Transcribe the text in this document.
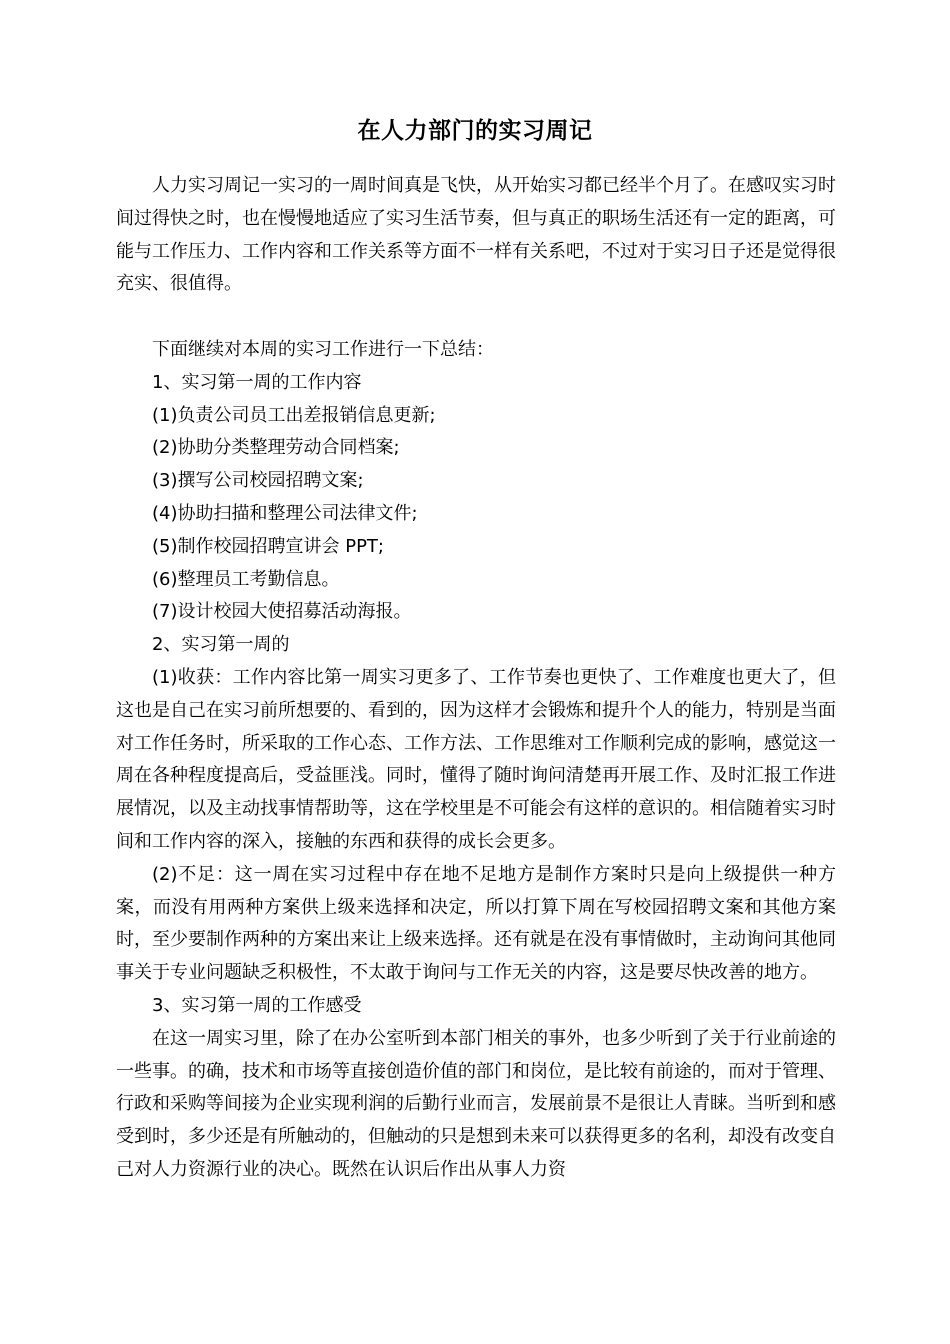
在人力部门的实习周记

人力实习周记一实习的一周时间真是飞快，从开始实习都已经半个月了。在感叹实习时间过得快之时，也在慢慢地适应了实习生活节奏，但与真正的职场生活还有一定的距离，可能与工作压力、工作内容和工作关系等方面不一样有关系吧，不过对于实习日子还是觉得很充实、很值得。

下面继续对本周的实习工作进行一下总结：

1、实习第一周的工作内容

(1)负责公司员工出差报销信息更新;

(2)协助分类整理劳动合同档案;

(3)撰写公司校园招聘文案;

(4)协助扫描和整理公司法律文件;

(5)制作校园招聘宣讲会 PPT;

(6)整理员工考勤信息。

(7)设计校园大使招募活动海报。

2、实习第一周的

(1)收获：工作内容比第一周实习更多了、工作节奏也更快了、工作难度也更大了，但这也是自己在实习前所想要的、看到的，因为这样才会锻炼和提升个人的能力，特别是当面对工作任务时，所采取的工作心态、工作方法、工作思维对工作顺利完成的影响，感觉这一周在各种程度提高后，受益匪浅。同时，懂得了随时询问清楚再开展工作、及时汇报工作进展情况，以及主动找事情帮助等，这在学校里是不可能会有这样的意识的。相信随着实习时间和工作内容的深入，接触的东西和获得的成长会更多。

(2)不足：这一周在实习过程中存在地不足地方是制作方案时只是向上级提供一种方案，而没有用两种方案供上级来选择和决定，所以打算下周在写校园招聘文案和其他方案时，至少要制作两种的方案出来让上级来选择。还有就是在没有事情做时，主动询问其他同事关于专业问题缺乏积极性，不太敢于询问与工作无关的内容，这是要尽快改善的地方。

3、实习第一周的工作感受

在这一周实习里，除了在办公室听到本部门相关的事外，也多少听到了关于行业前途的一些事。的确，技术和市场等直接创造价值的部门和岗位，是比较有前途的，而对于管理、行政和采购等间接为企业实现利润的后勤行业而言，发展前景不是很让人青睐。当听到和感受到时，多少还是有所触动的，但触动的只是想到未来可以获得更多的名利，却没有改变自己对人力资源行业的决心。既然在认识后作出从事人力资
